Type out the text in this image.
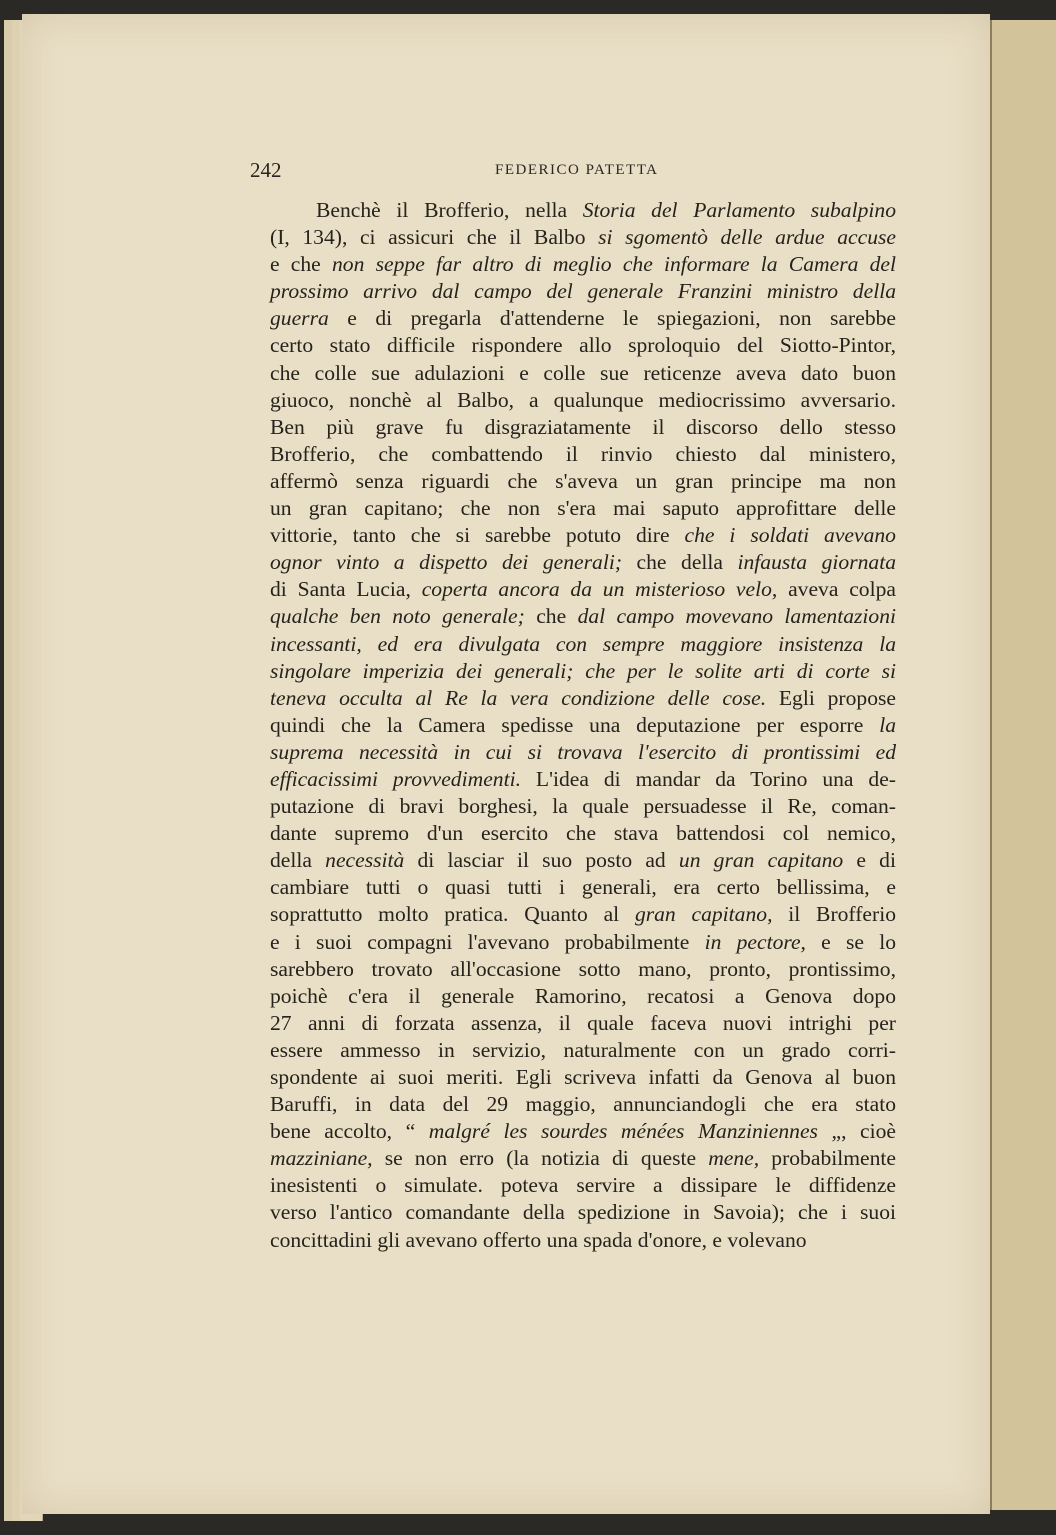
242	FEDERICO PATETTA
Benchè il Brofferio, nella Storia del Parlamento subalpino
(I, 134), ci assicuri che il Balbo si sgomentò delle ardue accuse
e che non seppe far altro di meglio che informare la Camera del
prossimo arrivo dal campo del generale Franzini ministro della
guerra e di pregarla d'attenderne le spiegazioni, non sarebbe
certo stato difficile rispondere allo sproloquio del Siotto-Pintor,
che colle sue adulazioni e colle sue reticenze aveva dato buon
giuoco, nonchè al Balbo, a qualunque mediocrissimo avversario.
Ben più grave fu disgraziatamente il discorso dello stesso
Brofferio, che combattendo il rinvio chiesto dal ministero,
affermò senza riguardi che s'aveva un gran principe ma non
un gran capitano; che non s'era mai saputo approfittare delle
vittorie, tanto che si sarebbe potuto dire che i soldati avevano
ognor vinto a dispetto dei generali; che della infausta giornata
di Santa Lucia, coperta ancora da un misterioso velo, aveva colpa
qualche ben noto generale; che dal campo movevano lamentazioni
incessanti, ed era divulgata con sempre maggiore insistenza la
singolare imperizia dei generali; che per le solite arti di corte si
teneva occulta al Re la vera condizione delle cose. Egli propose
quindi che la Camera spedisse una deputazione per esporre la
suprema necessità in cui si trovava l'esercito di prontissimi ed
efficacissimi provvedimenti. L'idea di mandar da Torino una de-
putazione di bravi borghesi, la quale persuadesse il Re, coman-
dante supremo d'un esercito che stava battendosi col nemico,
della necessità di lasciar il suo posto ad un gran capitano e di
cambiare tutti o quasi tutti i generali, era certo bellissima, e
soprattutto molto pratica. Quanto al gran capitano, il Brofferio
e i suoi compagni l'avevano probabilmente in pectore, e se lo
sarebbero trovato all'occasione sotto mano, pronto, prontissimo,
poichè c'era il generale Ramorino, recatosi a Genova dopo
27 anni di forzata assenza, il quale faceva nuovi intrighi per
essere ammesso in servizio, naturalmente con un grado corri-
spondente ai suoi meriti. Egli scriveva infatti da Genova al buon
Baruffi, in data del 29 maggio, annunciandogli che era stato
bene accolto, “ malgré les sourdes ménées Manziniennes „, cioè
mazziniane, se non erro (la notizia di queste mene, probabilmente
inesistenti o simulate. poteva servire a dissipare le diffidenze
verso l'antico comandante della spedizione in Savoia); che i suoi
concittadini gli avevano offerto una spada d'onore, e volevano
